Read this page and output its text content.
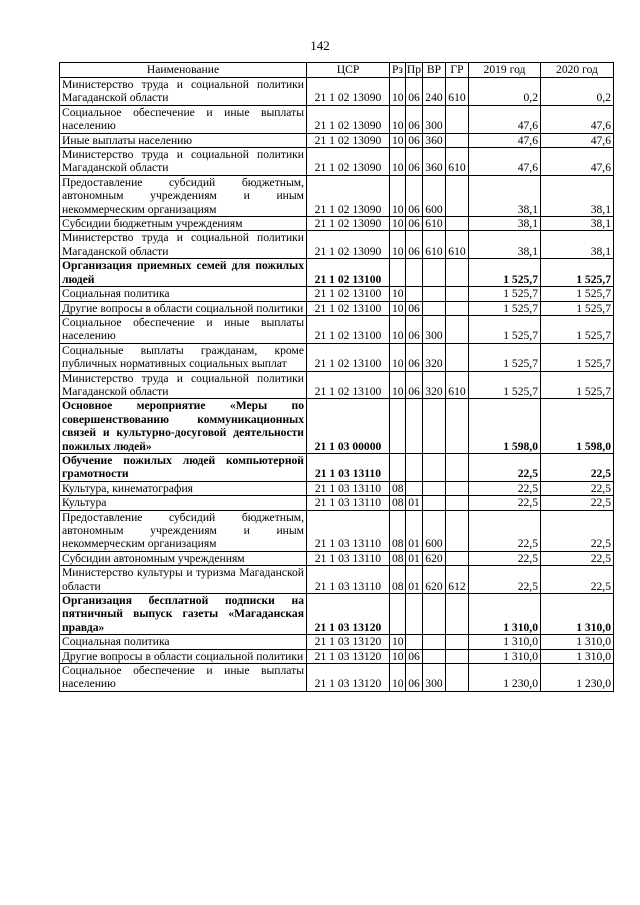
142
Наименование	ЦСР	Рз	Пр	ВР	ГР	2019 год	2020 год
Министерство труда и социальной политики Магаданской области	21 1 02 13090	10	06	240	610	0,2	0,2
Социальное обеспечение и иные выплаты населению	21 1 02 13090	10	06	300		47,6	47,6
Иные выплаты населению	21 1 02 13090	10	06	360		47,6	47,6
Министерство труда и социальной политики Магаданской области	21 1 02 13090	10	06	360	610	47,6	47,6
Предоставление субсидий бюджетным, автономным учреждениям и иным некоммерческим организациям	21 1 02 13090	10	06	600		38,1	38,1
Субсидии бюджетным учреждениям	21 1 02 13090	10	06	610		38,1	38,1
Министерство труда и социальной политики Магаданской области	21 1 02 13090	10	06	610	610	38,1	38,1
Организация приемных семей для пожилых людей	21 1 02 13100					1 525,7	1 525,7
Социальная политика	21 1 02 13100	10				1 525,7	1 525,7
Другие вопросы в области социальной политики	21 1 02 13100	10	06			1 525,7	1 525,7
Социальное обеспечение и иные выплаты населению	21 1 02 13100	10	06	300		1 525,7	1 525,7
Социальные выплаты гражданам, кроме публичных нормативных социальных выплат	21 1 02 13100	10	06	320		1 525,7	1 525,7
Министерство труда и социальной политики Магаданской области	21 1 02 13100	10	06	320	610	1 525,7	1 525,7
Основное мероприятие «Меры по совершенствованию коммуникационных связей и культурно-досуговой деятельности пожилых людей»	21 1 03 00000					1 598,0	1 598,0
Обучение пожилых людей компьютерной грамотности	21 1 03 13110					22,5	22,5
Культура, кинематография	21 1 03 13110	08				22,5	22,5
Культура	21 1 03 13110	08	01			22,5	22,5
Предоставление субсидий бюджетным, автономным учреждениям и иным некоммерческим организациям	21 1 03 13110	08	01	600		22,5	22,5
Субсидии автономным учреждениям	21 1 03 13110	08	01	620		22,5	22,5
Министерство культуры и туризма Магаданской области	21 1 03 13110	08	01	620	612	22,5	22,5
Организация бесплатной подписки на пятничный выпуск газеты «Магаданская правда»	21 1 03 13120					1 310,0	1 310,0
Социальная политика	21 1 03 13120	10				1 310,0	1 310,0
Другие вопросы в области социальной политики	21 1 03 13120	10	06			1 310,0	1 310,0
Социальное обеспечение и иные выплаты населению	21 1 03 13120	10	06	300		1 230,0	1 230,0
